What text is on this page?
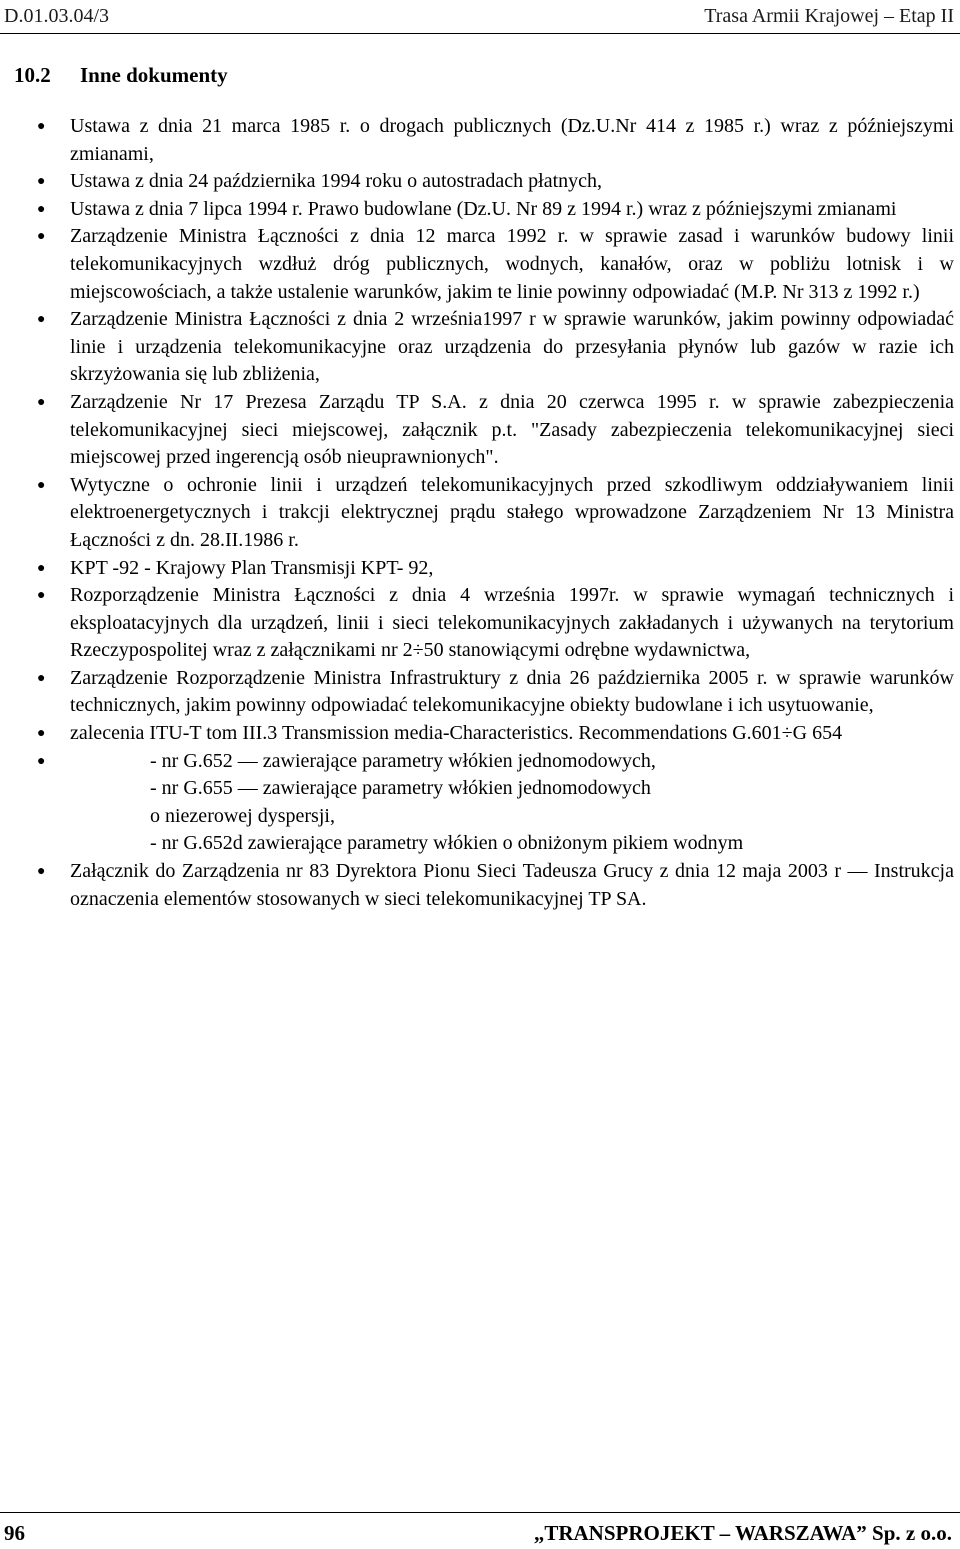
D.01.03.04/3	Trasa Armii Krajowej – Etap II
10.2 Inne dokumenty
● Ustawa z dnia 21 marca 1985 r. o drogach publicznych (Dz.U.Nr 414 z 1985 r.) wraz z późniejszymi zmianami,
● Ustawa z dnia 24 października 1994 roku o autostradach płatnych,
● Ustawa z dnia 7 lipca 1994 r. Prawo budowlane (Dz.U. Nr 89 z 1994 r.) wraz z późniejszymi zmianami
● Zarządzenie Ministra Łączności z dnia 12 marca 1992 r. w sprawie zasad i warunków budowy linii telekomunikacyjnych wzdłuż dróg publicznych, wodnych, kanałów, oraz w pobliżu lotnisk i w miejscowościach, a także ustalenie warunków, jakim te linie powinny odpowiadać (M.P. Nr 313 z 1992 r.)
● Zarządzenie Ministra Łączności z dnia 2 września1997 r w sprawie warunków, jakim powinny odpowiadać linie i urządzenia telekomunikacyjne oraz urządzenia do przesyłania płynów lub gazów w razie ich skrzyżowania się lub zbliżenia,
● Zarządzenie Nr 17 Prezesa Zarządu TP S.A. z dnia 20 czerwca 1995 r. w sprawie zabezpieczenia telekomunikacyjnej sieci miejscowej, załącznik p.t. "Zasady zabezpieczenia telekomunikacyjnej sieci miejscowej przed ingerencją osób nieuprawnionych".
● Wytyczne o ochronie linii i urządzeń telekomunikacyjnych przed szkodliwym oddziaływaniem linii elektroenergetycznych i trakcji elektrycznej prądu stałego wprowadzone Zarządzeniem Nr 13 Ministra Łączności z dn. 28.II.1986 r.
● KPT -92 - Krajowy Plan Transmisji KPT- 92,
● Rozporządzenie Ministra Łączności z dnia 4 września 1997r. w sprawie wymagań technicznych i eksploatacyjnych dla urządzeń, linii i sieci telekomunikacyjnych zakładanych i używanych na terytorium Rzeczypospolitej wraz z załącznikami nr 2÷50 stanowiącymi odrębne wydawnictwa,
● Zarządzenie Rozporządzenie Ministra Infrastruktury z dnia 26 października 2005 r. w sprawie warunków technicznych, jakim powinny odpowiadać telekomunikacyjne obiekty budowlane i ich usytuowanie,
● zalecenia ITU-T tom III.3 Transmission media-Characteristics. Recommendations G.601÷G 654
●	- nr G.652 — zawierające parametry włókien jednomodowych,
- nr G.655 — zawierające parametry włókien jednomodowych
o niezerowej dyspersji,
- nr G.652d zawierające parametry włókien o obniżonym pikiem wodnym
● Załącznik do Zarządzenia nr 83 Dyrektora Pionu Sieci Tadeusza Grucy z dnia 12 maja 2003 r — Instrukcja oznaczenia elementów stosowanych w sieci telekomunikacyjnej TP SA.
96	„TRANSPROJEKT – WARSZAWA” Sp. z o.o.
